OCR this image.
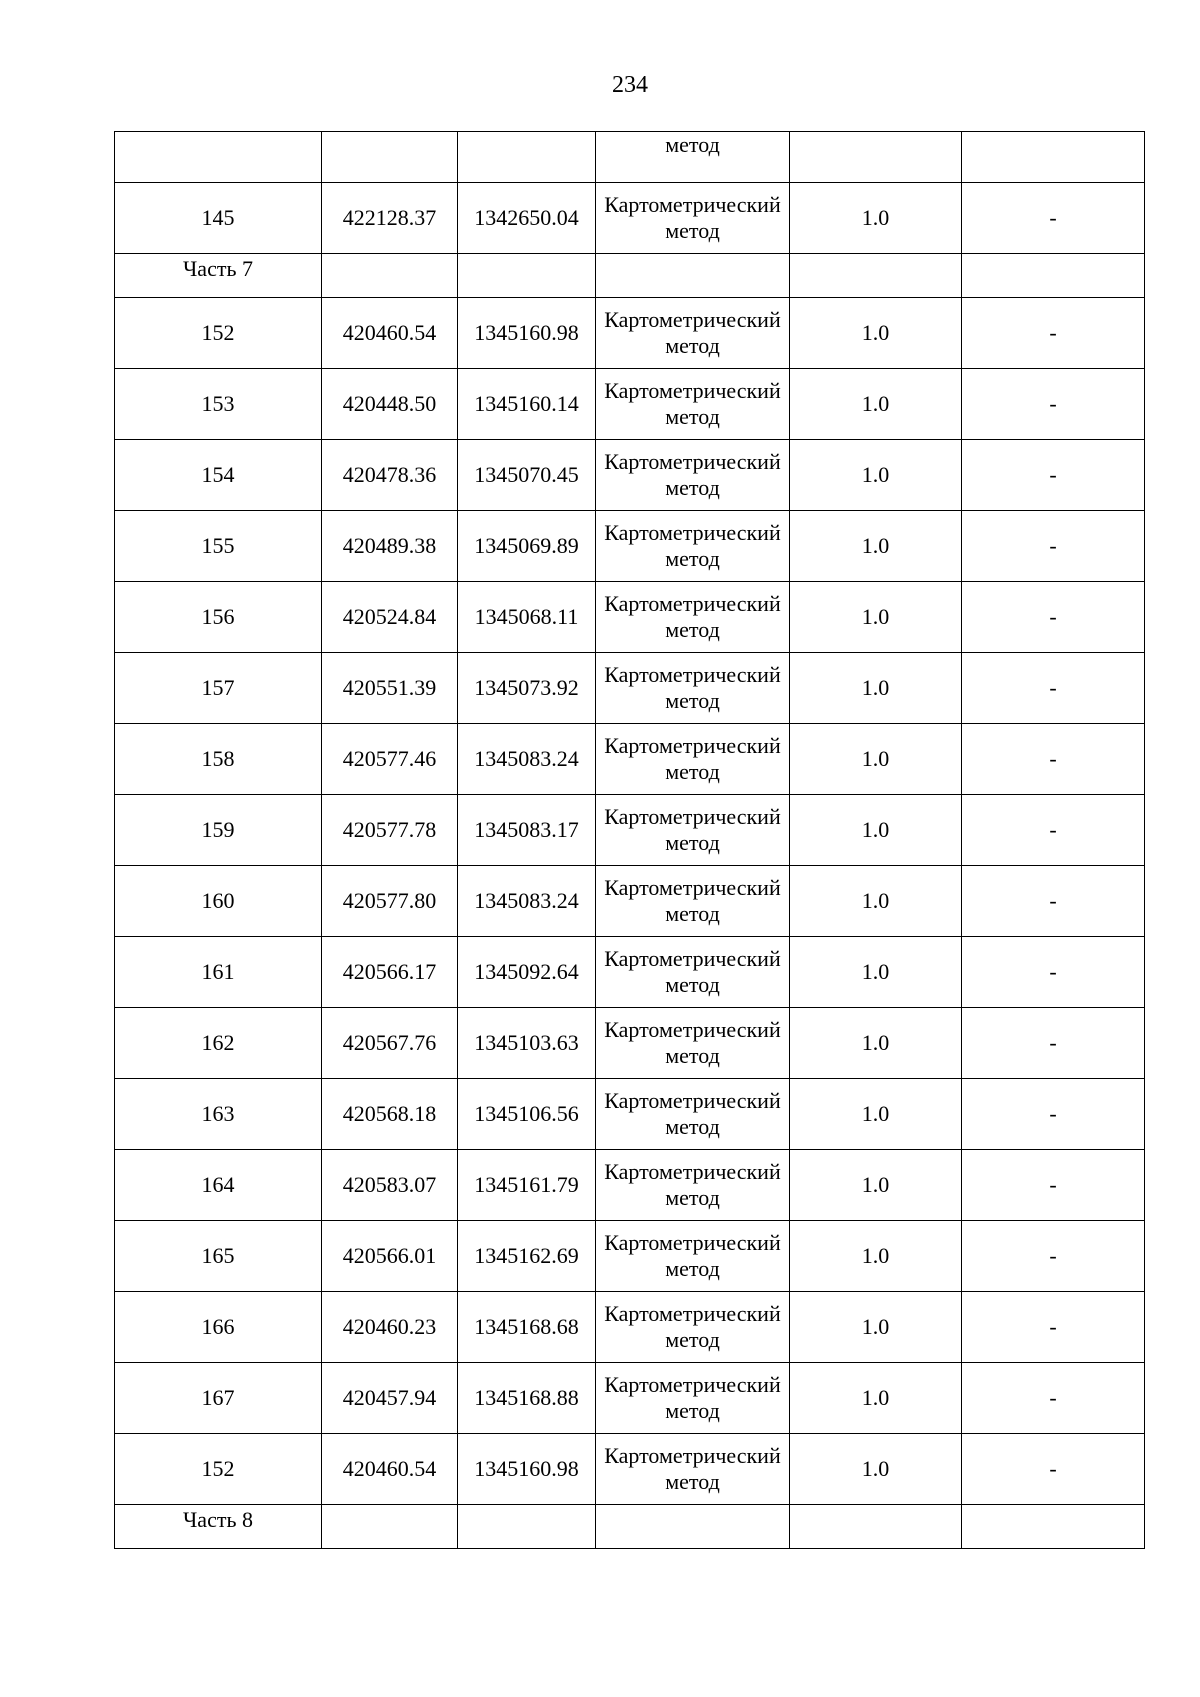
234

			метод		

145	422128.37	1342650.04	Картометрический
метод	1.0	-
Часть 7					
152	420460.54	1345160.98	Картометрический
метод	1.0	-
153	420448.50	1345160.14	Картометрический
метод	1.0	-
154	420478.36	1345070.45	Картометрический
метод	1.0	-
155	420489.38	1345069.89	Картометрический
метод	1.0	-
156	420524.84	1345068.11	Картометрический
метод	1.0	-
157	420551.39	1345073.92	Картометрический
метод	1.0	-
158	420577.46	1345083.24	Картометрический
метод	1.0	-
159	420577.78	1345083.17	Картометрический
метод	1.0	-
160	420577.80	1345083.24	Картометрический
метод	1.0	-
161	420566.17	1345092.64	Картометрический
метод	1.0	-
162	420567.76	1345103.63	Картометрический
метод	1.0	-
163	420568.18	1345106.56	Картометрический
метод	1.0	-
164	420583.07	1345161.79	Картометрический
метод	1.0	-
165	420566.01	1345162.69	Картометрический
метод	1.0	-
166	420460.23	1345168.68	Картометрический
метод	1.0	-
167	420457.94	1345168.88	Картометрический
метод	1.0	-
152	420460.54	1345160.98	Картометрический
метод	1.0	-
Часть 8					
